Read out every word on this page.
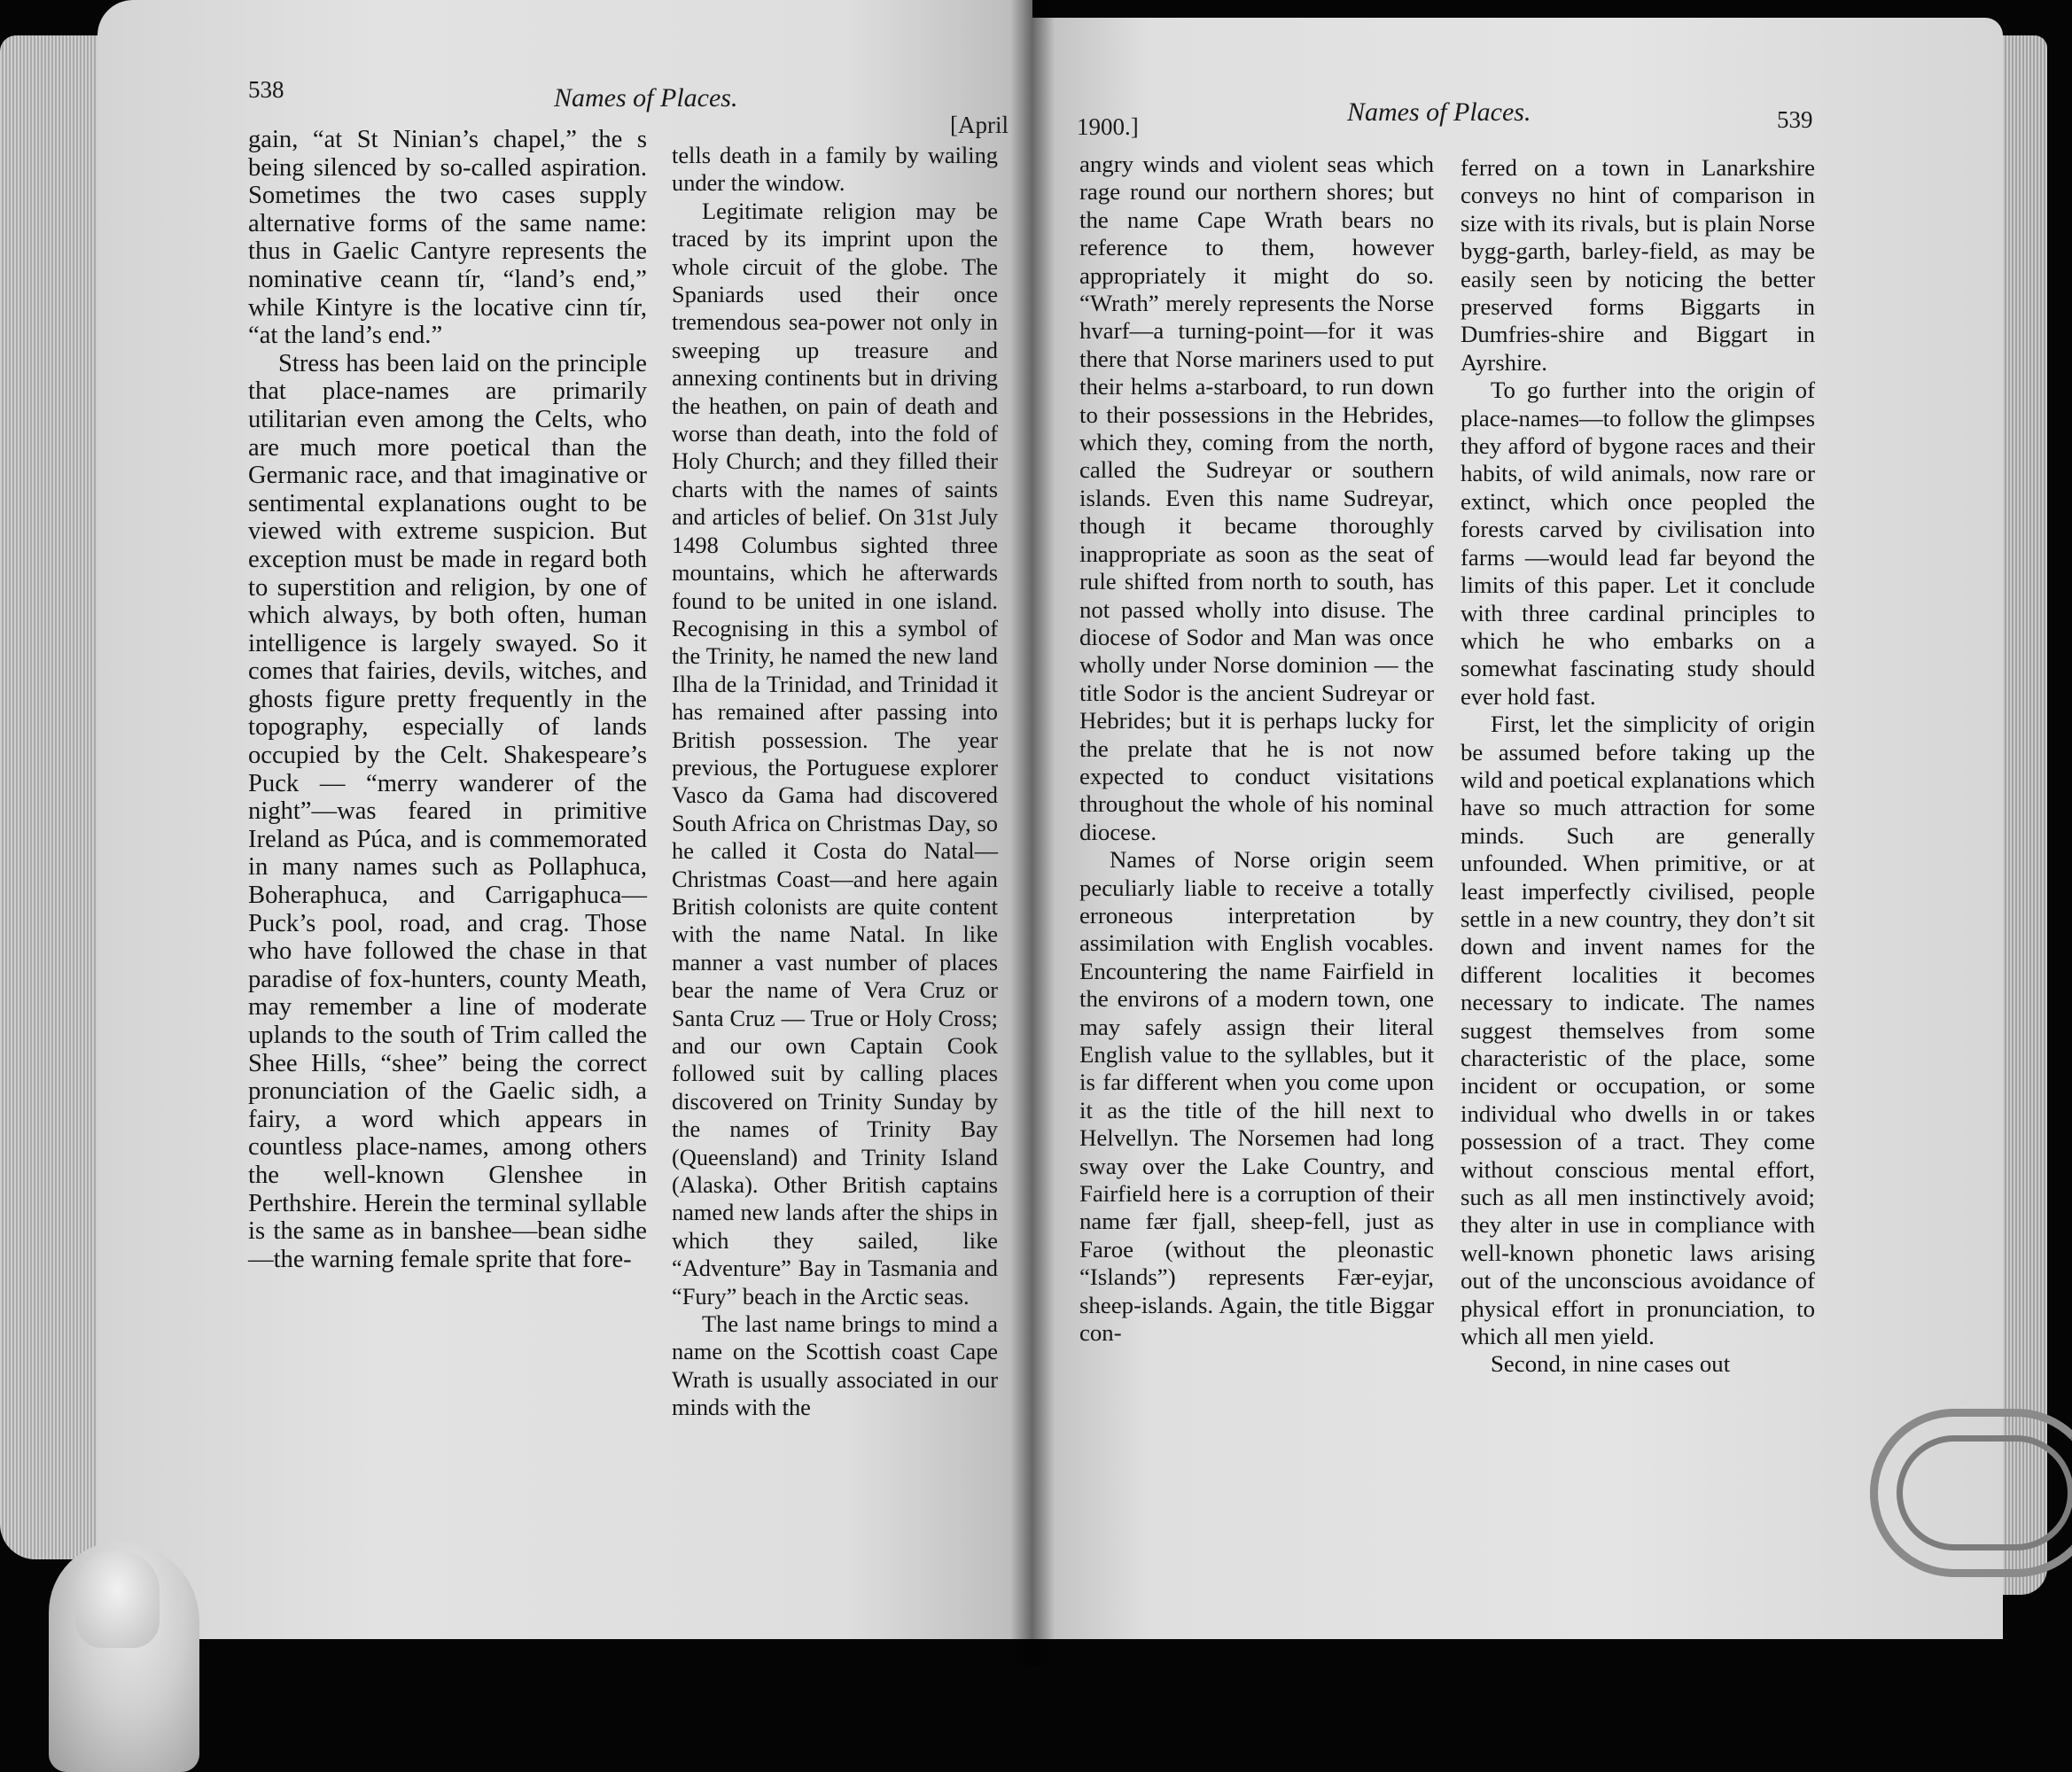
538	Names of Places.
[April

gain, “at St Ninian’s chapel,” the s being silenced by so-called aspiration. Sometimes the two cases supply alternative forms of the same name: thus in Gaelic Cantyre represents the nominative ceann tír, “land’s end,” while Kintyre is the locative cinn tír, “at the land’s end.”

Stress has been laid on the principle that place-names are primarily utilitarian even among the Celts, who are much more poetical than the Germanic race, and that imaginative or sentimental explanations ought to be viewed with extreme suspicion. But exception must be made in regard both to superstition and religion, by one of which always, by both often, human intelligence is largely swayed. So it comes that fairies, devils, witches, and ghosts figure pretty frequently in the topography, especially of lands occupied by the Celt. Shakespeare’s Puck — “merry wanderer of the night”—was feared in primitive Ireland as Púca, and is commemorated in many names such as Pollaphuca, Boheraphuca, and Carrigaphuca—Puck’s pool, road, and crag. Those who have followed the chase in that paradise of fox-hunters, county Meath, may remember a line of moderate uplands to the south of Trim called the Shee Hills, “shee” being the correct pronunciation of the Gaelic sidh, a fairy, a word which appears in countless place-names, among others the well-known Glenshee in Perthshire. Herein the terminal syllable is the same as in banshee—bean sidhe—the warning female sprite that fore-

tells death in a family by wailing under the window.

Legitimate religion may be traced by its imprint upon the whole circuit of the globe. The Spaniards used their once tremendous sea-power not only in sweeping up treasure and annexing continents but in driving the heathen, on pain of death and worse than death, into the fold of Holy Church; and they filled their charts with the names of saints and articles of belief. On 31st July 1498 Columbus sighted three mountains, which he afterwards found to be united in one island. Recognising in this a symbol of the Trinity, he named the new land Ilha de la Trinidad, and Trinidad it has remained after passing into British possession. The year previous, the Portuguese explorer Vasco da Gama had discovered South Africa on Christmas Day, so he called it Costa do Natal—Christmas Coast—and here again British colonists are quite content with the name Natal. In like manner a vast number of places bear the name of Vera Cruz or Santa Cruz — True or Holy Cross; and our own Captain Cook followed suit by calling places discovered on Trinity Sunday by the names of Trinity Bay (Queensland) and Trinity Island (Alaska). Other British captains named new lands after the ships in which they sailed, like “Adventure” Bay in Tasmania and “Fury” beach in the Arctic seas.

The last name brings to mind a name on the Scottish coast Cape Wrath is usually associated in our minds with the

1900.]	Names of Places.	539

angry winds and violent seas which rage round our northern shores; but the name Cape Wrath bears no reference to them, however appropriately it might do so. “Wrath” merely represents the Norse hvarf—a turning-point—for it was there that Norse mariners used to put their helms a-starboard, to run down to their possessions in the Hebrides, which they, coming from the north, called the Sudreyar or southern islands. Even this name Sudreyar, though it became thoroughly inappropriate as soon as the seat of rule shifted from north to south, has not passed wholly into disuse. The diocese of Sodor and Man was once wholly under Norse dominion — the title Sodor is the ancient Sudreyar or Hebrides; but it is perhaps lucky for the prelate that he is not now expected to conduct visitations throughout the whole of his nominal diocese.

Names of Norse origin seem peculiarly liable to receive a totally erroneous interpretation by assimilation with English vocables. Encountering the name Fairfield in the environs of a modern town, one may safely assign their literal English value to the syllables, but it is far different when you come upon it as the title of the hill next to Helvellyn. The Norsemen had long sway over the Lake Country, and Fairfield here is a corruption of their name fær fjall, sheep-fell, just as Faroe (without the pleonastic “Islands”) represents Fær-eyjar, sheep-islands. Again, the title Biggar con-

ferred on a town in Lanarkshire conveys no hint of comparison in size with its rivals, but is plain Norse bygg-garth, barley-field, as may be easily seen by noticing the better preserved forms Biggarts in Dumfries-shire and Biggart in Ayrshire.

To go further into the origin of place-names—to follow the glimpses they afford of bygone races and their habits, of wild animals, now rare or extinct, which once peopled the forests carved by civilisation into farms —would lead far beyond the limits of this paper. Let it conclude with three cardinal principles to which he who embarks on a somewhat fascinating study should ever hold fast.

First, let the simplicity of origin be assumed before taking up the wild and poetical explanations which have so much attraction for some minds. Such are generally unfounded. When primitive, or at least imperfectly civilised, people settle in a new country, they don’t sit down and invent names for the different localities it becomes necessary to indicate. The names suggest themselves from some characteristic of the place, some incident or occupation, or some individual who dwells in or takes possession of a tract. They come without conscious mental effort, such as all men instinctively avoid; they alter in use in compliance with well-known phonetic laws arising out of the unconscious avoidance of physical effort in pronunciation, to which all men yield.

Second, in nine cases out
